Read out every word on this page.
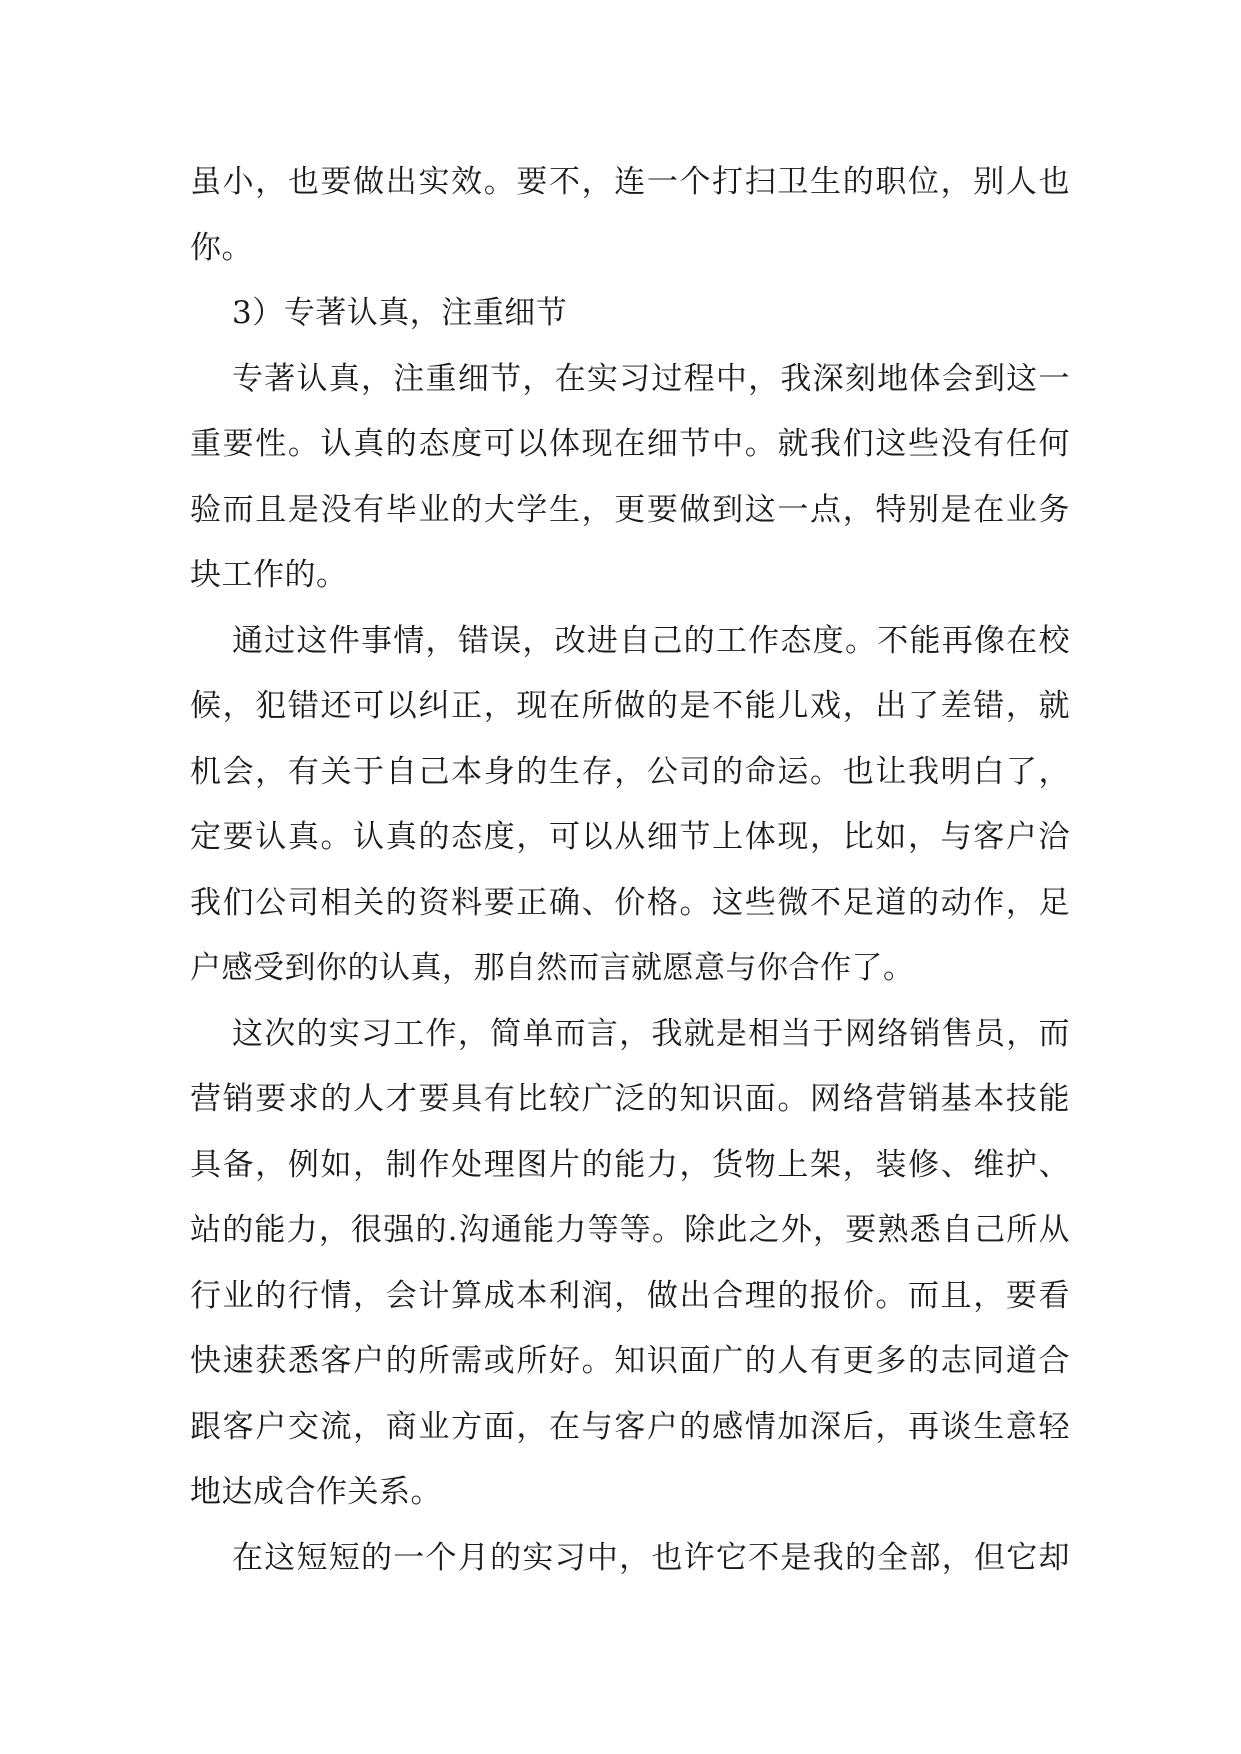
虽小，也要做出实效。要不，连一个打扫卫生的职位，别人也
你。
3）专著认真，注重细节
专著认真，注重细节，在实习过程中，我深刻地体会到这一
重要性。认真的态度可以体现在细节中。就我们这些没有任何
验而且是没有毕业的大学生，更要做到这一点，特别是在业务
块工作的。
通过这件事情，错误，改进自己的工作态度。不能再像在校
候，犯错还可以纠正，现在所做的是不能儿戏，出了差错，就
机会，有关于自己本身的生存，公司的命运。也让我明白了，
定要认真。认真的态度，可以从细节上体现，比如，与客户洽
我们公司相关的资料要正确、价格。这些微不足道的动作，足
户感受到你的认真，那自然而言就愿意与你合作了。
这次的实习工作，简单而言，我就是相当于网络销售员，而
营销要求的人才要具有比较广泛的知识面。网络营销基本技能
具备，例如，制作处理图片的能力，货物上架，装修、维护、
站的能力，很强的.沟通能力等等。除此之外，要熟悉自己所从
行业的行情，会计算成本利润，做出合理的报价。而且，要看
快速获悉客户的所需或所好。知识面广的人有更多的志同道合
跟客户交流，商业方面，在与客户的感情加深后，再谈生意轻
地达成合作关系。
在这短短的一个月的实习中，也许它不是我的全部，但它却
